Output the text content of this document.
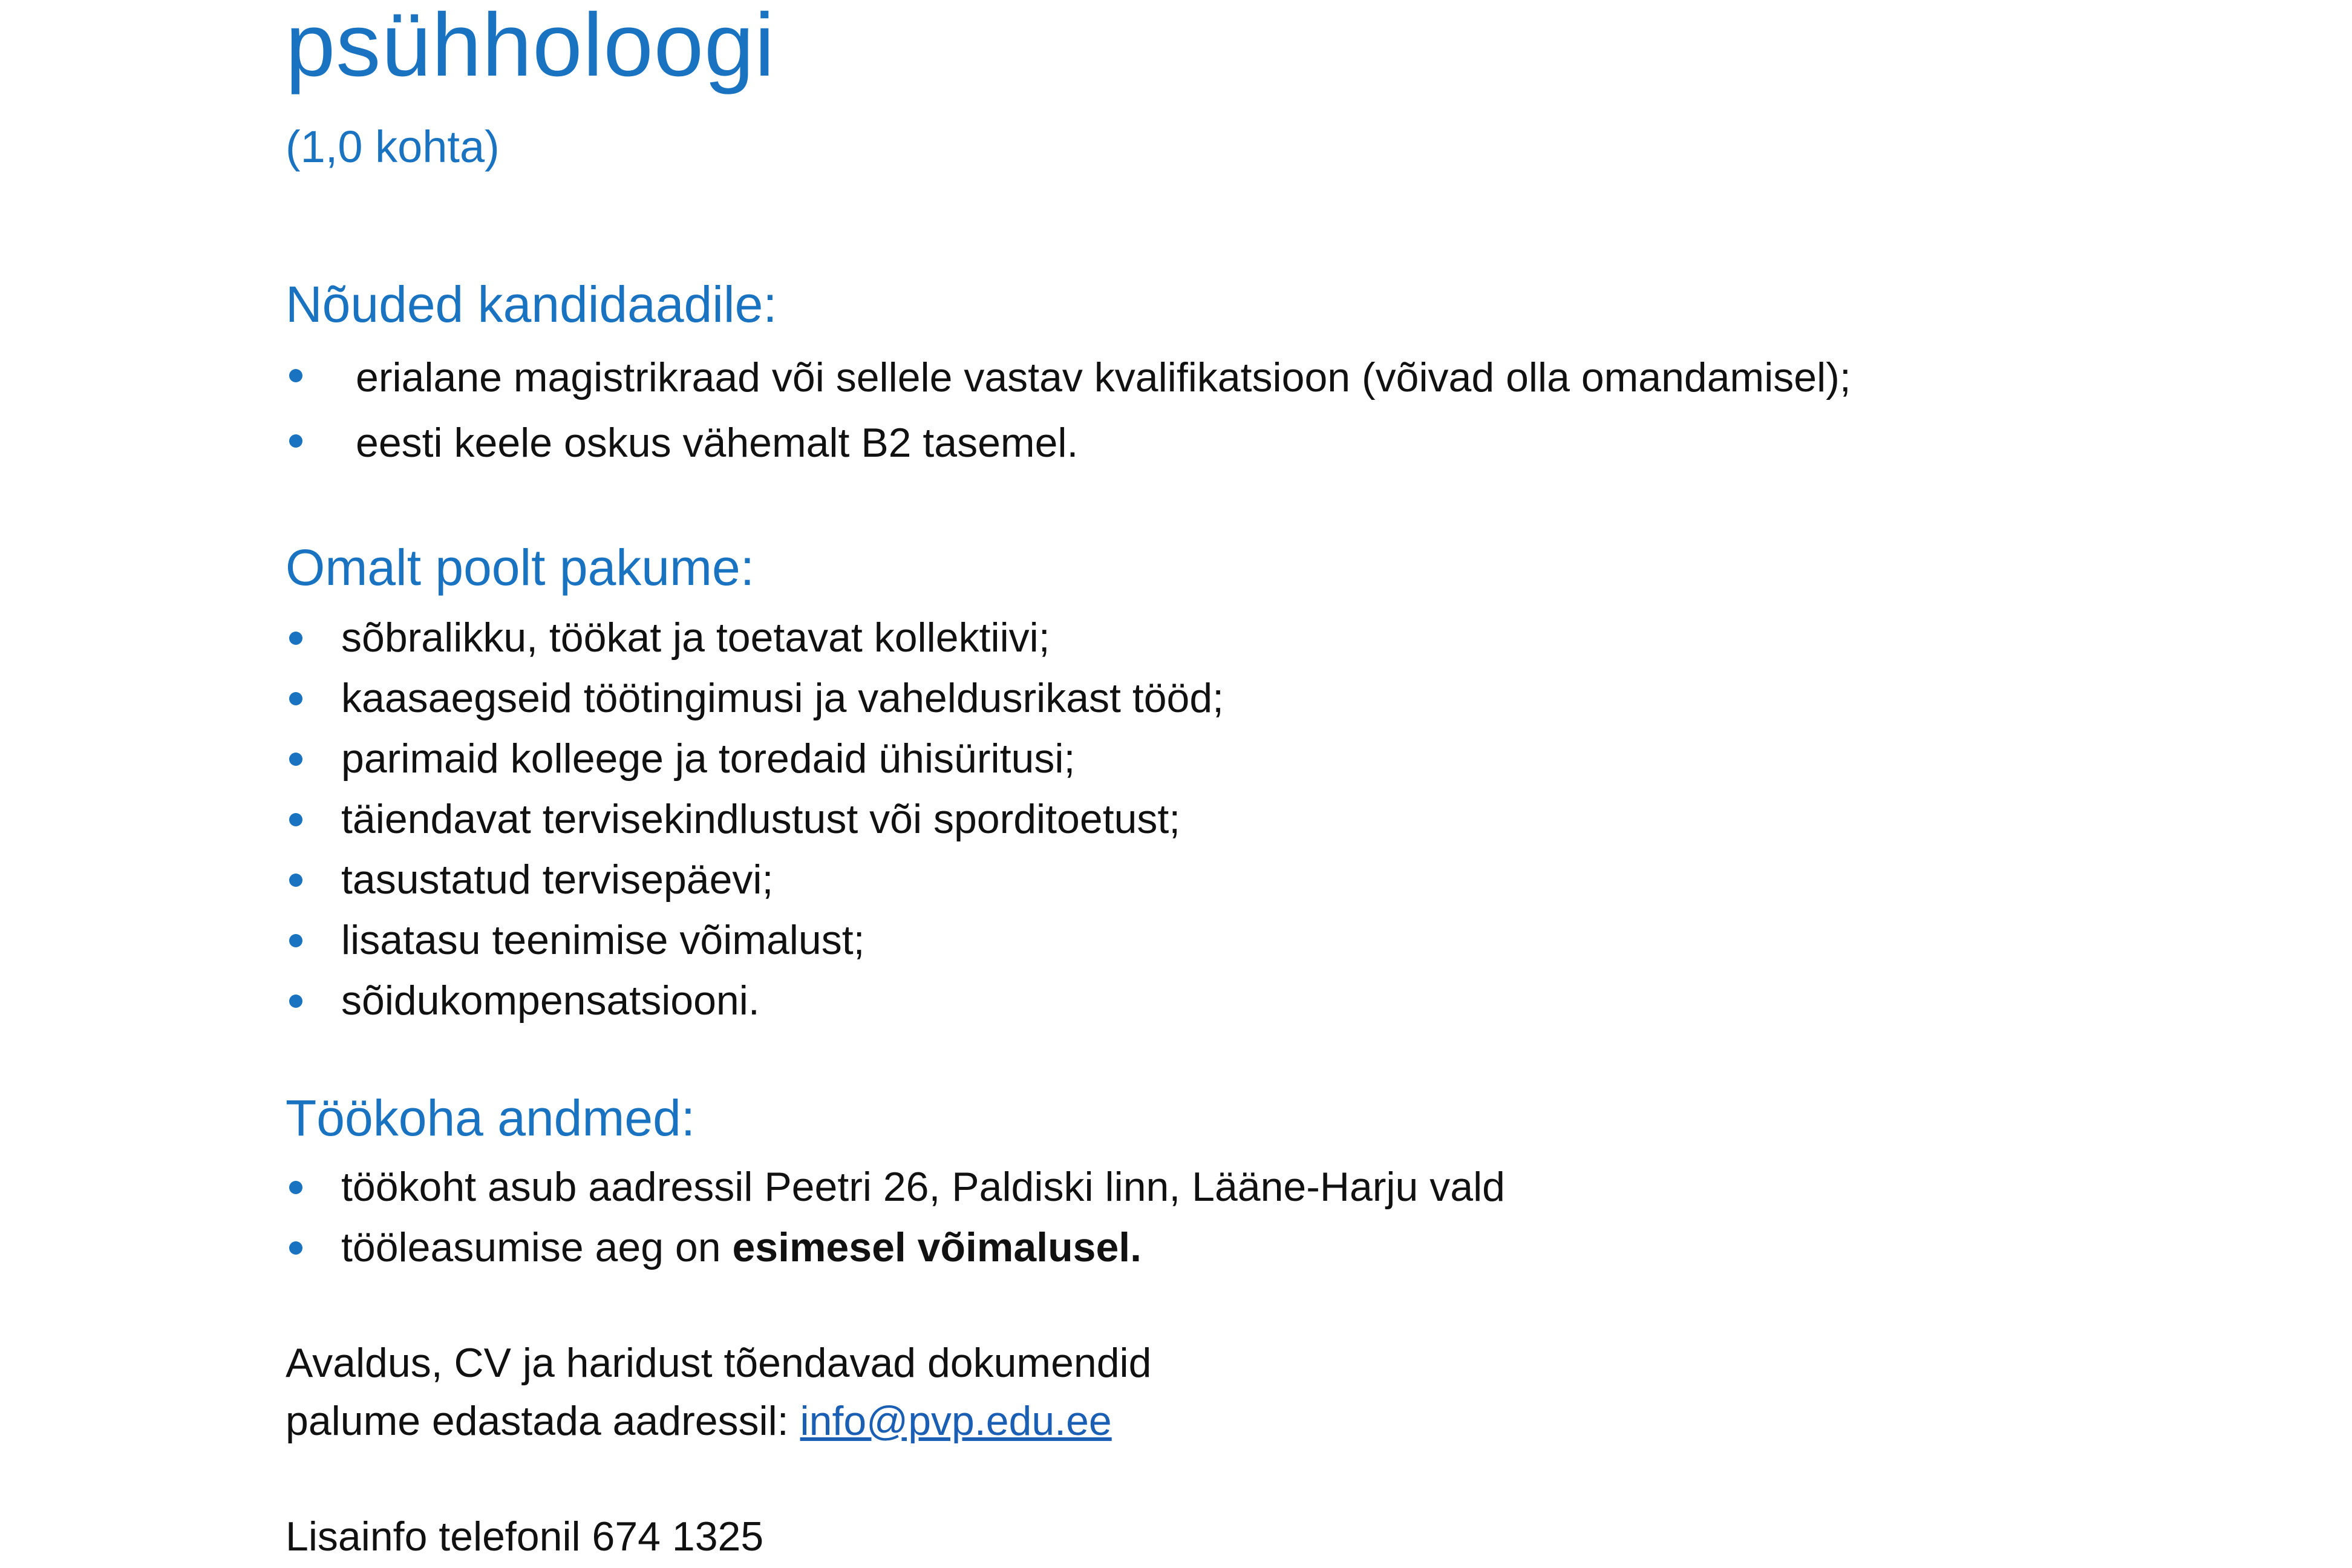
psühholoogi
(1,0 kohta)
Nõuded kandidaadile:
erialane magistrikraad või sellele vastav kvalifikatsioon (võivad olla omandamisel);
eesti keele oskus vähemalt B2 tasemel.
Omalt poolt pakume:
sõbralikku, töökat ja toetavat kollektiivi;
kaasaegseid töötingimusi ja vaheldusrikast tööd;
parimaid kolleege ja toredaid ühisüritusi;
täiendavat tervisekindlustust või sporditoetust;
tasustatud tervisepäevi;
lisatasu teenimise võimalust;
sõidukompensatsiooni.
Töökoha andmed:
töökoht asub aadressil Peetri 26, Paldiski linn, Lääne-Harju vald
tööleasumise aeg on esimesel võimalusel.

Avaldus, CV ja haridust tõendavad dokumendid
palume edastada aadressil: info@pvp.edu.ee

Lisainfo telefonil 674 1325
